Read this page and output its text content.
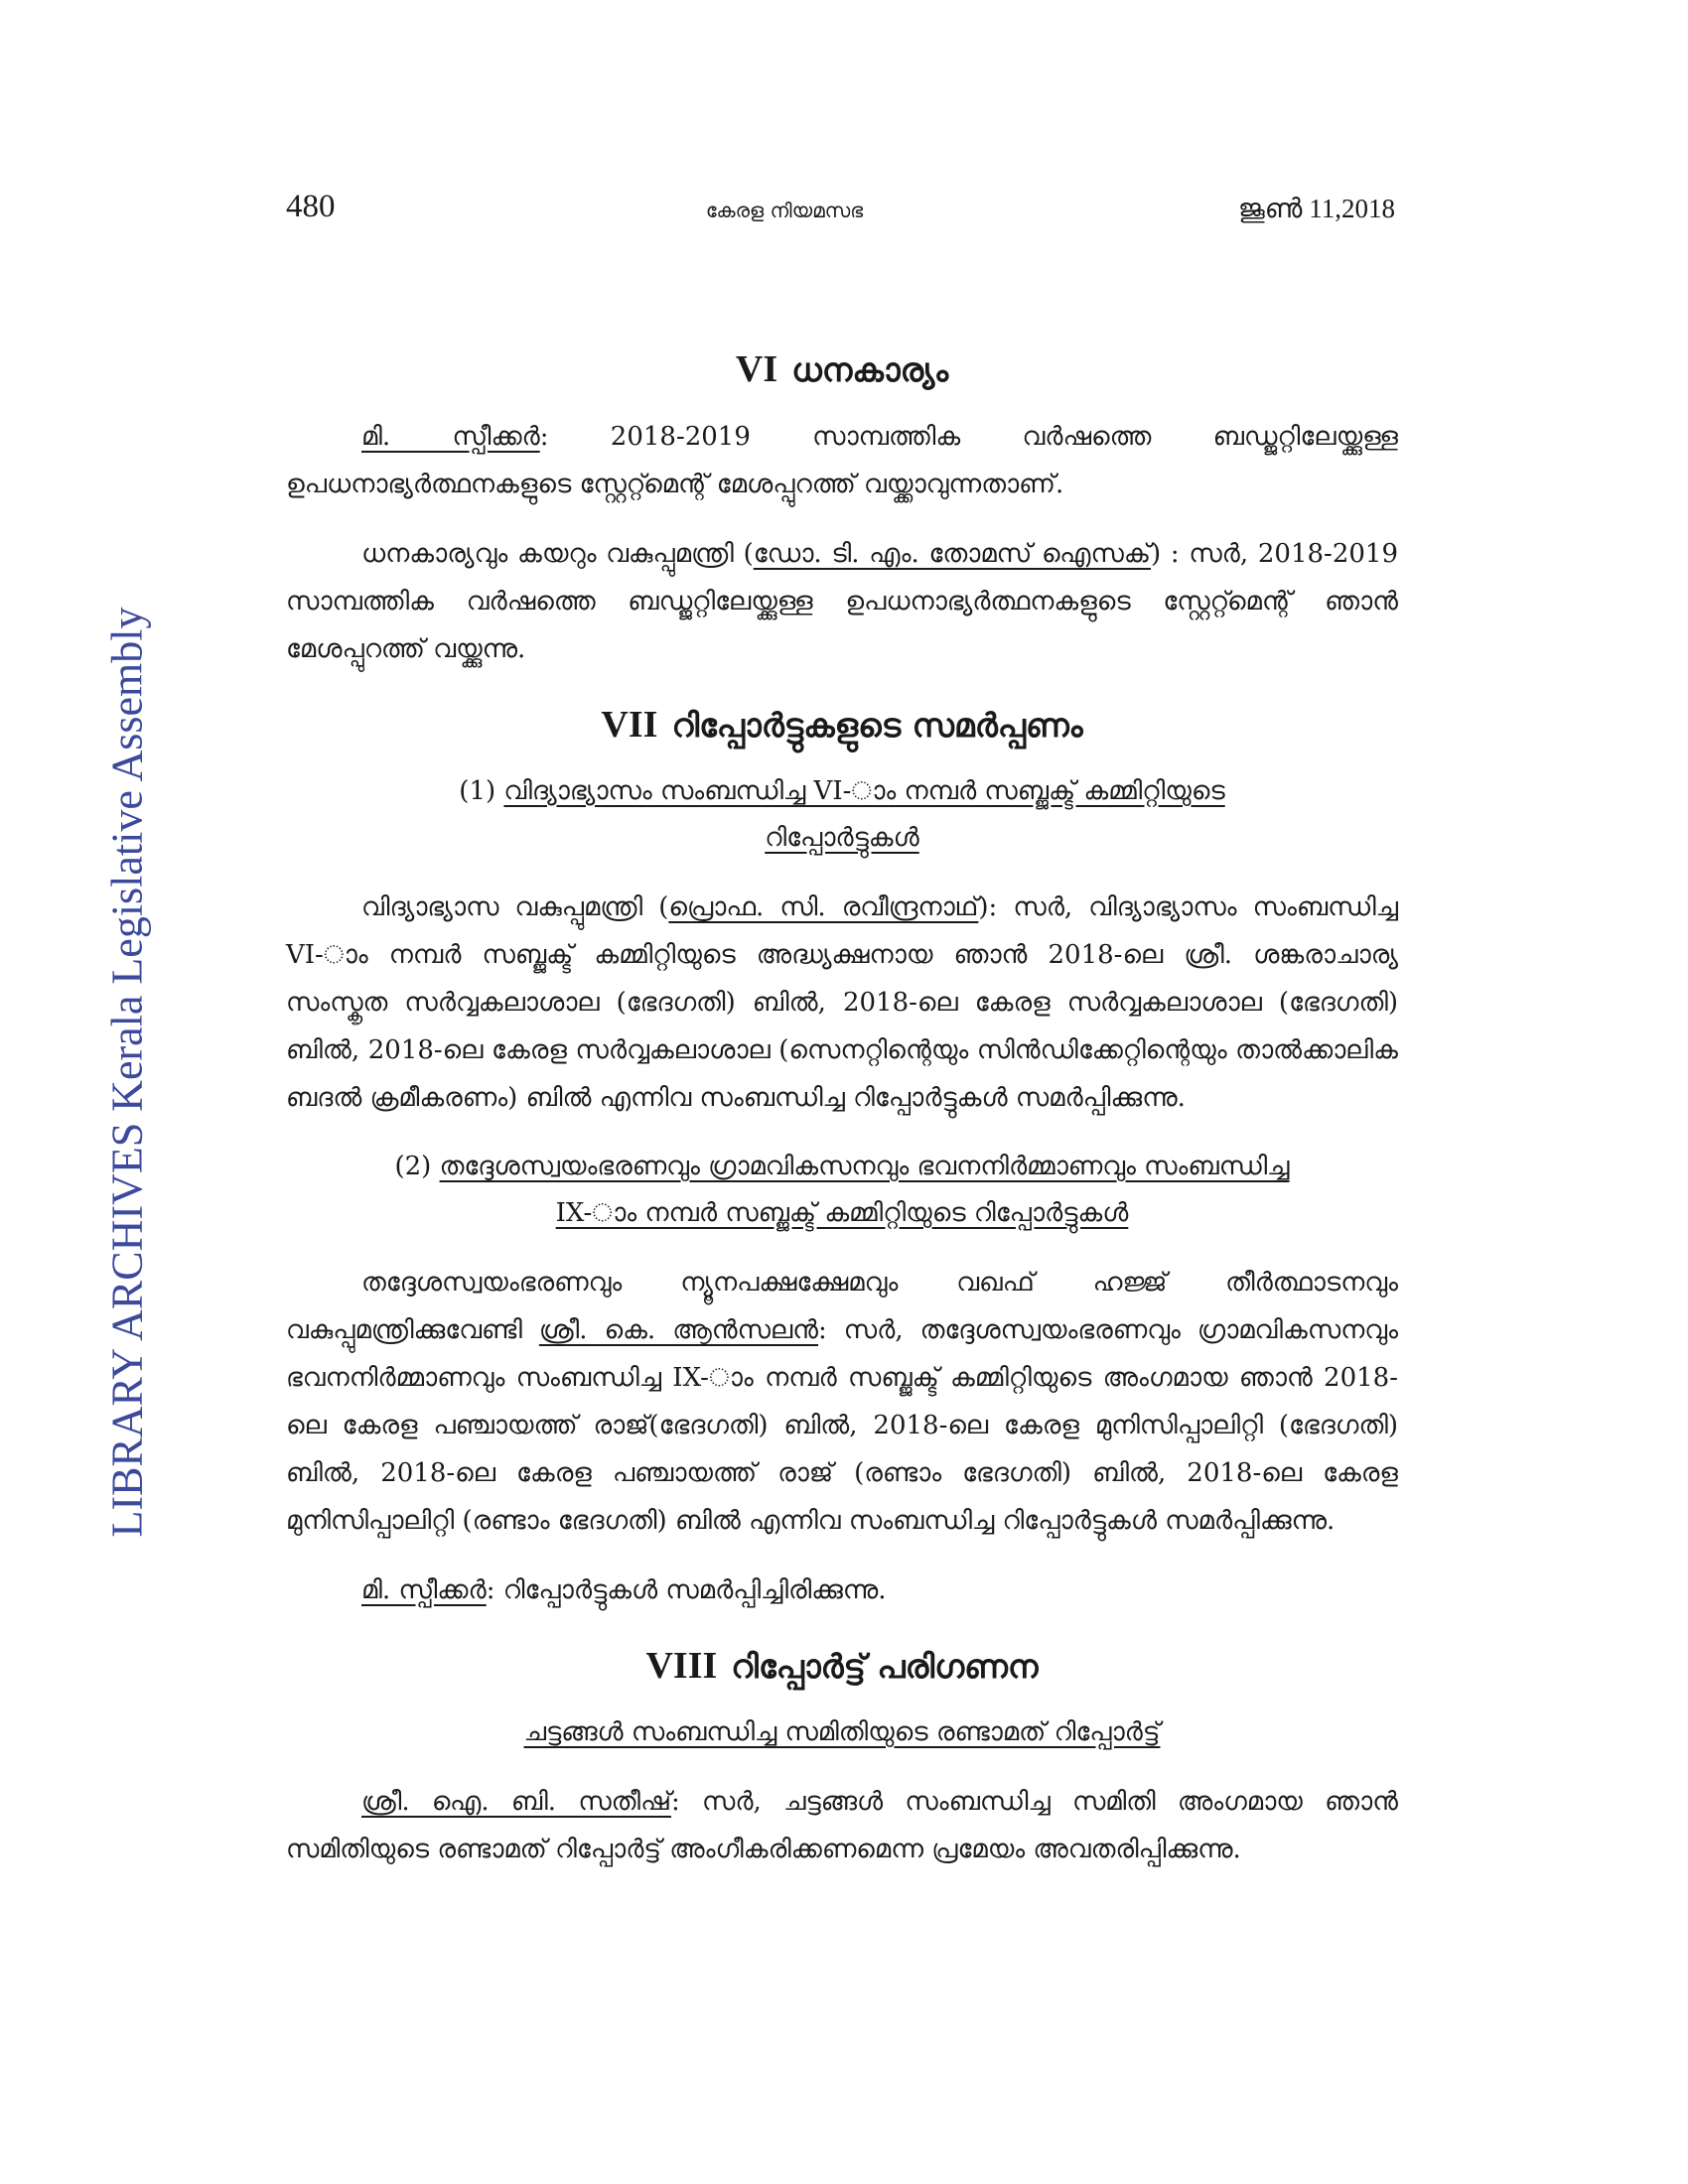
LIBRARY ARCHIVES Kerala Legislative Assembly
480	കേരള നിയമസഭ	ജൂൺ 11,2018
VI ധനകാര്യം

മി. സ്പീക്കർ: 2018-2019 സാമ്പത്തിക വർഷത്തെ ബഡ്ജറ്റിലേയ്ക്കുള്ള ഉപധനാഭ്യർത്ഥനകളുടെ സ്റ്റേറ്റ്മെന്റ് മേശപ്പുറത്ത് വയ്ക്കാവുന്നതാണ്.

ധനകാര്യവും കയറും വകുപ്പുമന്ത്രി (ഡോ. ടി. എം. തോമസ് ഐസക്) : സർ, 2018-2019 സാമ്പത്തിക വർഷത്തെ ബഡ്ജറ്റിലേയ്ക്കുള്ള ഉപധനാഭ്യർത്ഥനകളുടെ സ്റ്റേറ്റ്മെന്റ് ഞാൻ മേശപ്പുറത്ത് വയ്ക്കുന്നു.

VII റിപ്പോർട്ടുകളുടെ സമർപ്പണം
(1) വിദ്യാഭ്യാസം സംബന്ധിച്ച VI-ാം നമ്പർ സബ്ജക്ട് കമ്മിറ്റിയുടെ
റിപ്പോർട്ടുകൾ

വിദ്യാഭ്യാസ വകുപ്പുമന്ത്രി (പ്രൊഫ. സി. രവീന്ദ്രനാഥ്): സർ, വിദ്യാഭ്യാസം സംബന്ധിച്ച VI-ാം നമ്പർ സബ്ജക്ട് കമ്മിറ്റിയുടെ അദ്ധ്യക്ഷനായ ഞാൻ 2018-ലെ ശ്രീ. ശങ്കരാചാര്യ സംസ്കൃത സർവ്വകലാശാല (ഭേദഗതി) ബിൽ, 2018-ലെ കേരള സർവ്വകലാശാല (ഭേദഗതി) ബിൽ, 2018-ലെ കേരള സർവ്വകലാശാല (സെനറ്റിന്റെയും സിൻഡിക്കേറ്റിന്റെയും താൽക്കാലിക ബദൽ ക്രമീകരണം) ബിൽ എന്നിവ സംബന്ധിച്ച റിപ്പോർട്ടുകൾ സമർപ്പിക്കുന്നു.

(2) തദ്ദേശസ്വയംഭരണവും ഗ്രാമവികസനവും ഭവനനിർമ്മാണവും സംബന്ധിച്ച
IX-ാം നമ്പർ സബ്ജക്ട് കമ്മിറ്റിയുടെ റിപ്പോർട്ടുകൾ

തദ്ദേശസ്വയംഭരണവും ന്യൂനപക്ഷക്ഷേമവും വഖഫ് ഹജ്ജ് തീർത്ഥാടനവും വകുപ്പുമന്ത്രിക്കുവേണ്ടി ശ്രീ. കെ. ആൻസലൻ: സർ, തദ്ദേശസ്വയംഭരണവും ഗ്രാമവികസനവും ഭവനനിർമ്മാണവും സംബന്ധിച്ച IX-ാം നമ്പർ സബ്ജക്ട് കമ്മിറ്റിയുടെ അംഗമായ ഞാൻ 2018-ലെ കേരള പഞ്ചായത്ത് രാജ്(ഭേദഗതി) ബിൽ, 2018-ലെ കേരള മുനിസിപ്പാലിറ്റി (ഭേദഗതി) ബിൽ, 2018-ലെ കേരള പഞ്ചായത്ത് രാജ് (രണ്ടാം ഭേദഗതി) ബിൽ, 2018-ലെ കേരള മുനിസിപ്പാലിറ്റി (രണ്ടാം ഭേദഗതി) ബിൽ എന്നിവ സംബന്ധിച്ച റിപ്പോർട്ടുകൾ സമർപ്പിക്കുന്നു.

മി. സ്പീക്കർ: റിപ്പോർട്ടുകൾ സമർപ്പിച്ചിരിക്കുന്നു.

VIII റിപ്പോർട്ട് പരിഗണന
ചട്ടങ്ങൾ സംബന്ധിച്ച സമിതിയുടെ രണ്ടാമത് റിപ്പോർട്ട്

ശ്രീ. ഐ. ബി. സതീഷ്: സർ, ചട്ടങ്ങൾ സംബന്ധിച്ച സമിതി അംഗമായ ഞാൻ സമിതിയുടെ രണ്ടാമത് റിപ്പോർട്ട് അംഗീകരിക്കണമെന്ന പ്രമേയം അവതരിപ്പിക്കുന്നു.
